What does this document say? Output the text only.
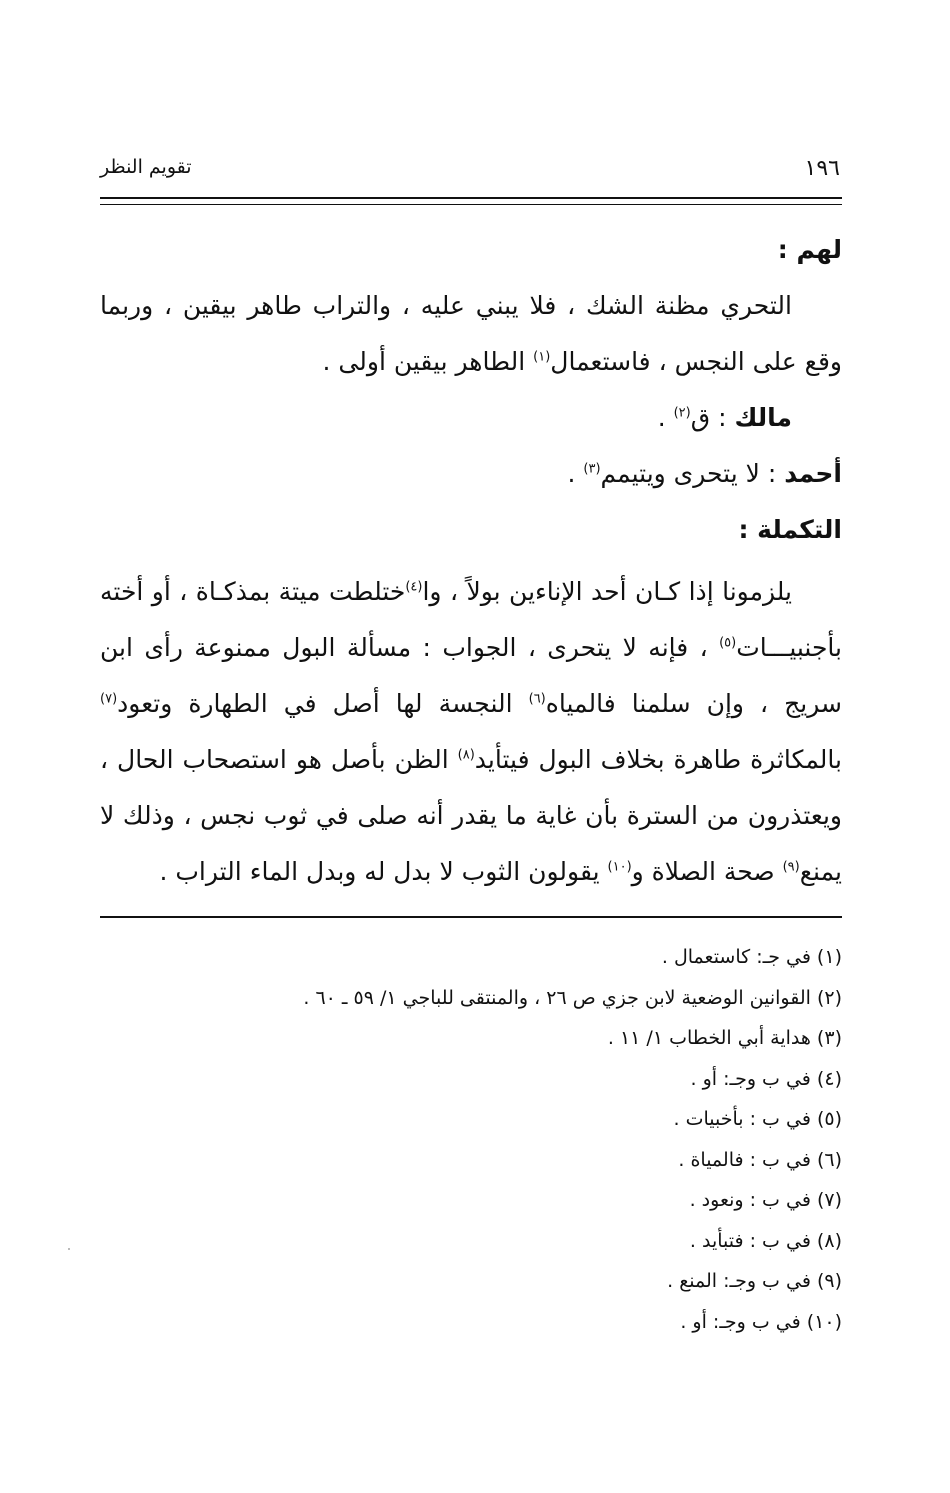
١٩٦
تقويم النظر

لهم :

التحري مظنة الشك ، فلا يبني عليه ، والتراب طاهر بيقين ، وربما وقع على النجس ، فاستعمال$^{(١)}$ الطاهر بيقين أولى .

مالك : ق$^{(٢)}$ .

أحمد : لا يتحرى ويتيمم$^{(٣)}$ .

التكملة :

يلزمونا إذا كـان أحد الإناءين بولاً ، وا$^{(٤)}$ختلطت ميتة بمذكـاة ، أو أخته بأجنبيـــات$^{(٥)}$ ، فإنه لا يتحرى ، الجواب : مسألة البول ممنوعة رأى ابن سريج ، وإن سلمنا فالمياه$^{(٦)}$ النجسة لها أصل في الطهارة وتعود$^{(٧)}$ بالمكاثرة طاهرة بخلاف البول فيتأيد$^{(٨)}$ الظن بأصل هو استصحاب الحال ، ويعتذرون من السترة بأن غاية ما يقدر أنه صلى في ثوب نجس ، وذلك لا يمنع$^{(٩)}$ صحة الصلاة و$^{(١٠)}$ يقولون الثوب لا بدل له وبدل الماء التراب .

(١) في جـ: كاستعمال .

(٢) القوانين الوضعية لابن جزي ص ٢٦ ، والمنتقى للباجي ١/ ٥٩ ـ ٦٠ .

(٣) هداية أبي الخطاب ١/ ١١ .

(٤) في ب وجـ: أو .

(٥) في ب : بأخبيات .

(٦) في ب : فالمياة .

(٧) في ب : ونعود .

(٨) في ب : فتبأيد .

(٩) في ب وجـ: المنع .

(١٠) في ب وجـ: أو .
